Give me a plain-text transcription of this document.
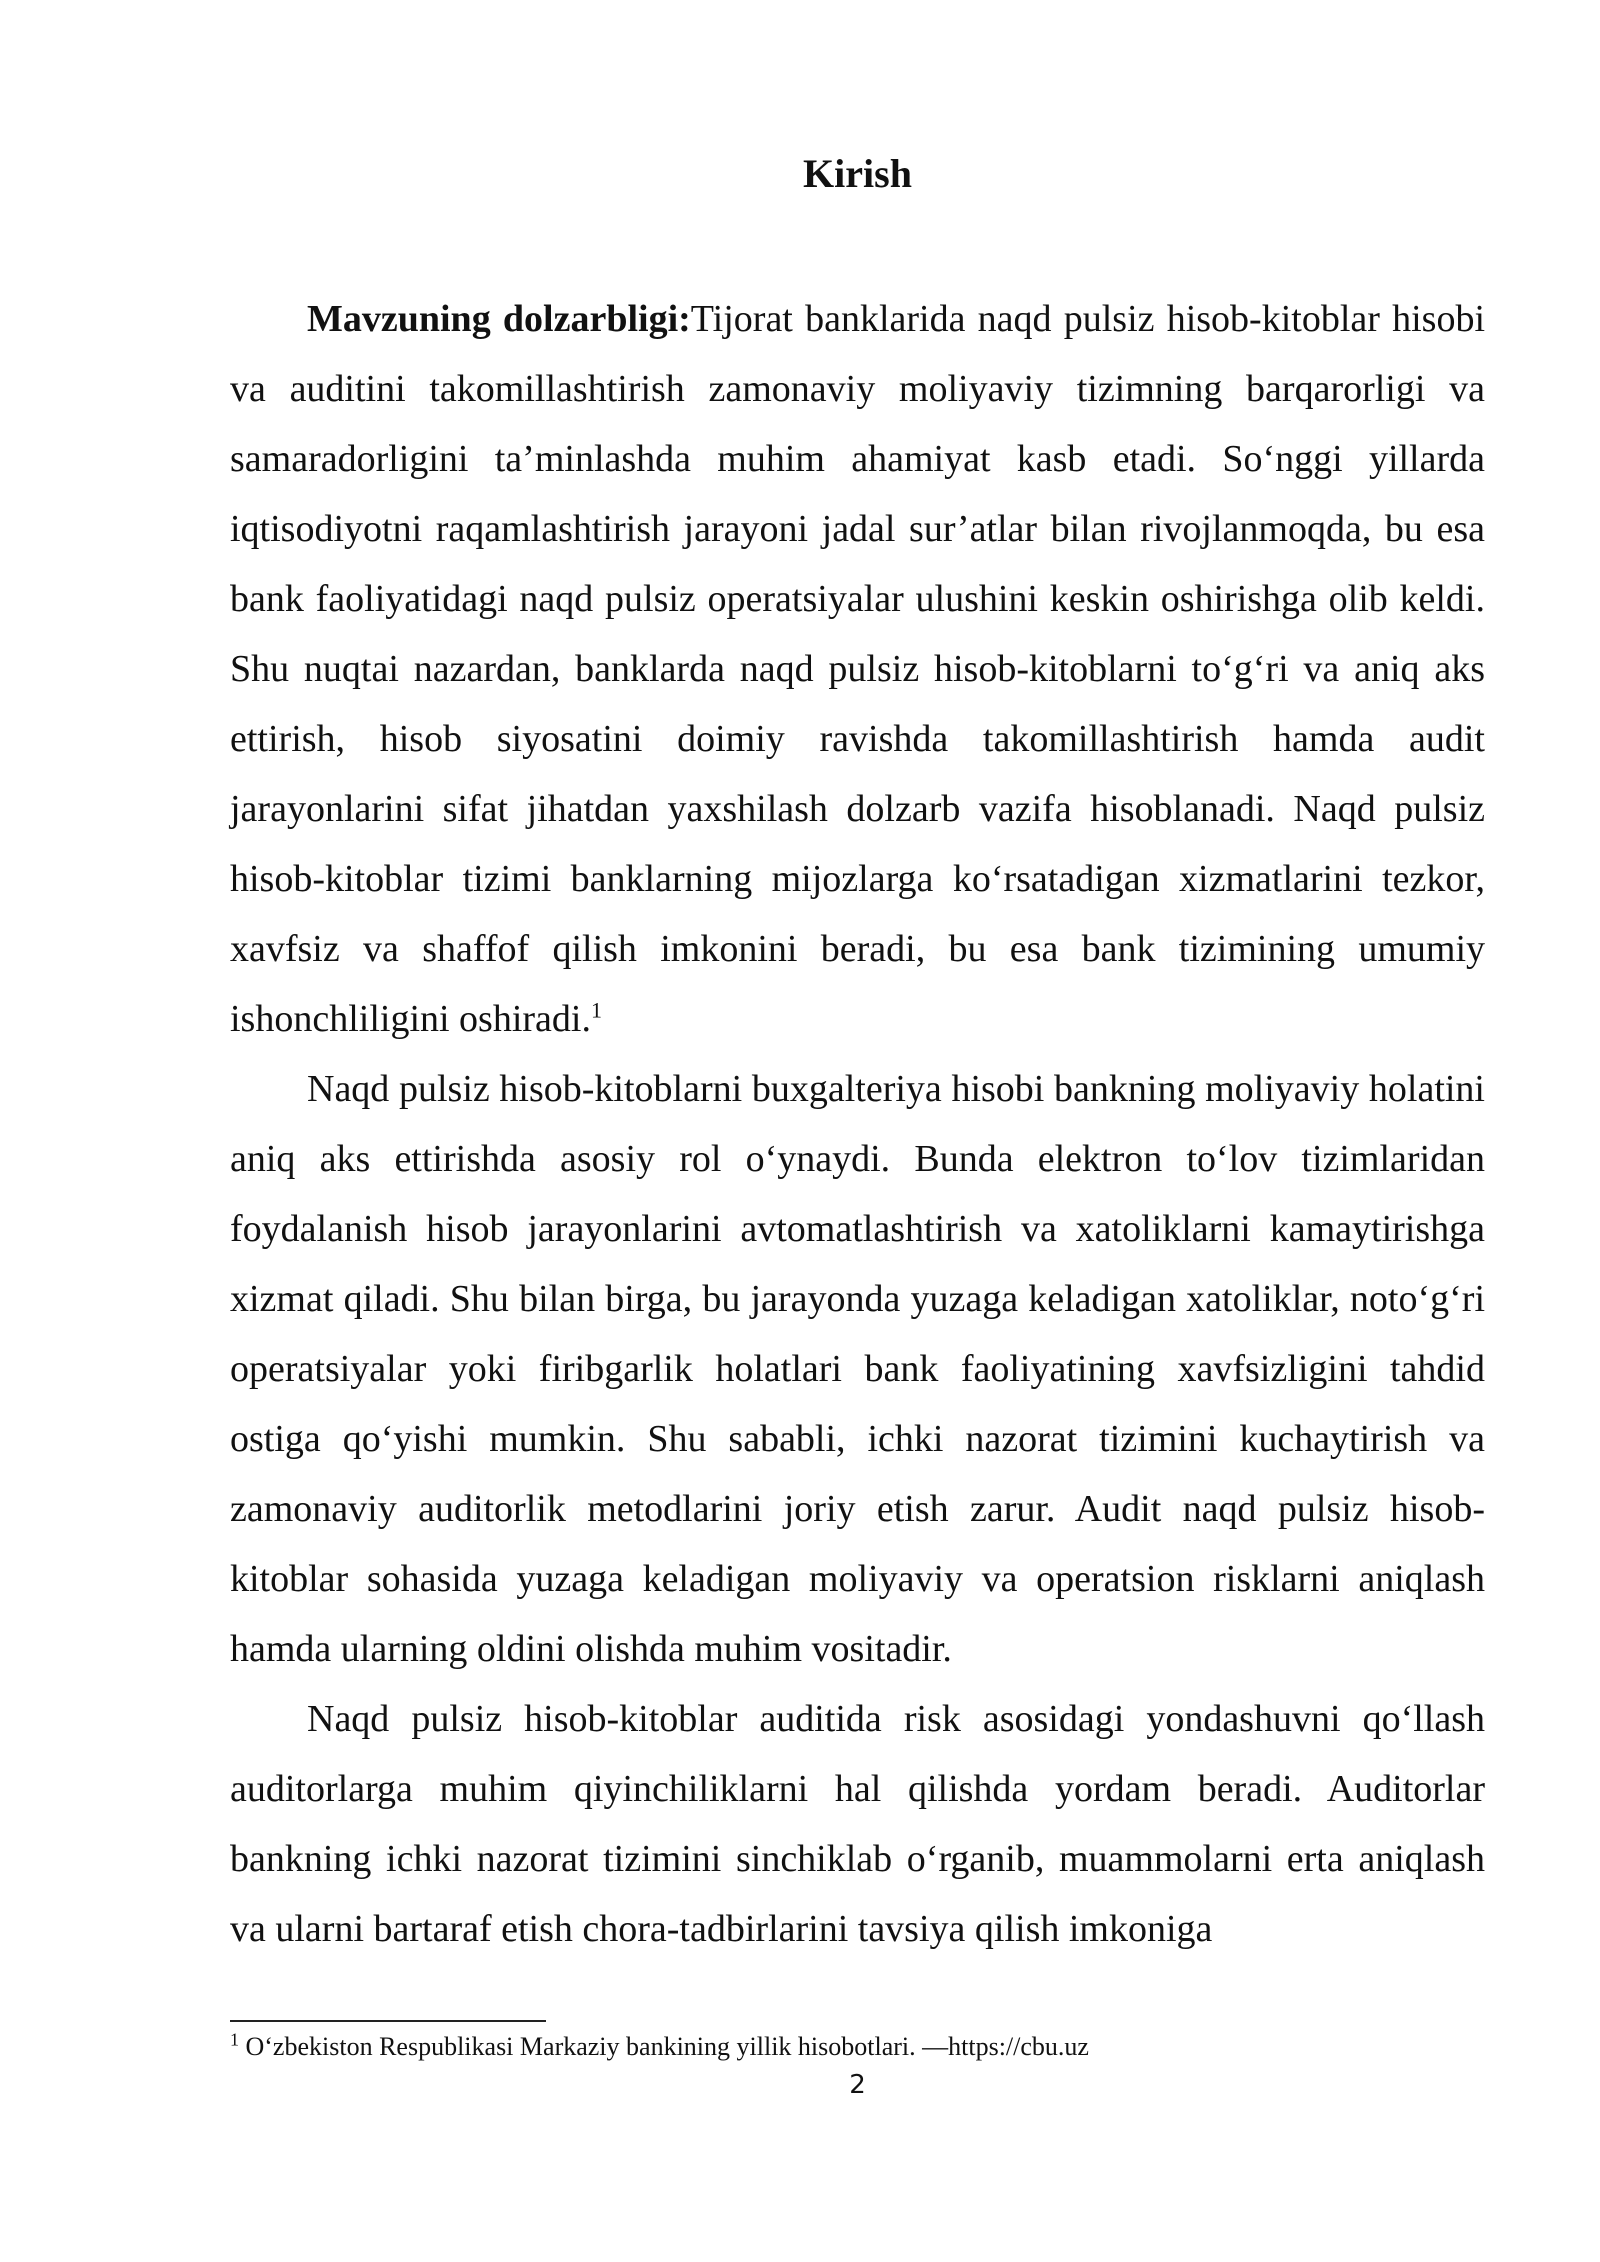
Kirish

Mavzuning dolzarbligi:Tijorat banklarida naqd pulsiz hisob-kitoblar hisobi va auditini takomillashtirish zamonaviy moliyaviy tizimning barqarorligi va samaradorligini ta’minlashda muhim ahamiyat kasb etadi. So‘nggi yillarda iqtisodiyotni raqamlashtirish jarayoni jadal sur’atlar bilan rivojlanmoqda, bu esa bank faoliyatidagi naqd pulsiz operatsiyalar ulushini keskin oshirishga olib keldi. Shu nuqtai nazardan, banklarda naqd pulsiz hisob-kitoblarni to‘g‘ri va aniq aks ettirish, hisob siyosatini doimiy ravishda takomillashtirish hamda audit jarayonlarini sifat jihatdan yaxshilash dolzarb vazifa hisoblanadi. Naqd pulsiz hisob-kitoblar tizimi banklarning mijozlarga ko‘rsatadigan xizmatlarini tezkor, xavfsiz va shaffof qilish imkonini beradi, bu esa bank tizimining umumiy ishonchliligini oshiradi.$^1$

Naqd pulsiz hisob-kitoblarni buxgalteriya hisobi bankning moliyaviy holatini aniq aks ettirishda asosiy rol o‘ynaydi. Bunda elektron to‘lov tizimlaridan foydalanish hisob jarayonlarini avtomatlashtirish va xatoliklarni kamaytirishga xizmat qiladi. Shu bilan birga, bu jarayonda yuzaga keladigan xatoliklar, noto‘g‘ri operatsiyalar yoki firibgarlik holatlari bank faoliyatining xavfsizligini tahdid ostiga qo‘yishi mumkin. Shu sababli, ichki nazorat tizimini kuchaytirish va zamonaviy auditorlik metodlarini joriy etish zarur. Audit naqd pulsiz hisob-kitoblar sohasida yuzaga keladigan moliyaviy va operatsion risklarni aniqlash hamda ularning oldini olishda muhim vositadir.

Naqd pulsiz hisob-kitoblar auditida risk asosidagi yondashuvni qo‘llash auditorlarga muhim qiyinchiliklarni hal qilishda yordam beradi. Auditorlar bankning ichki nazorat tizimini sinchiklab o‘rganib, muammolarni erta aniqlash va ularni bartaraf etish chora-tadbirlarini tavsiya qilish imkoniga

$^1$ O‘zbekiston Respublikasi Markaziy bankining yillik hisobotlari. —https://cbu.uz
2
